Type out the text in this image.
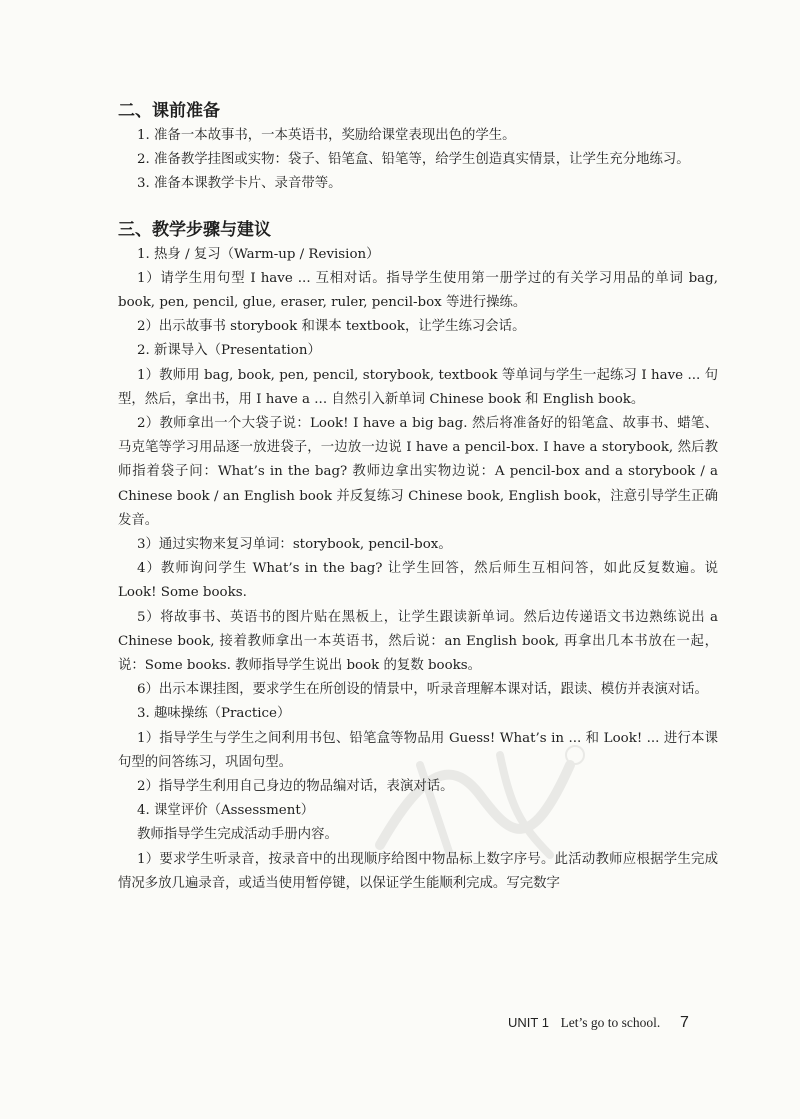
二、课前准备

1. 准备一本故事书，一本英语书，奖励给课堂表现出色的学生。

2. 准备教学挂图或实物：袋子、铅笔盒、铅笔等，给学生创造真实情景，让学生充分地练习。

3. 准备本课教学卡片、录音带等。

三、教学步骤与建议

1. 热身 / 复习（Warm-up / Revision）

1）请学生用句型 I have ... 互相对话。指导学生使用第一册学过的有关学习用品的单词 bag, book, pen, pencil, glue, eraser, ruler, pencil-box 等进行操练。

2）出示故事书 storybook 和课本 textbook，让学生练习会话。

2. 新课导入（Presentation）

1）教师用 bag, book, pen, pencil, storybook, textbook 等单词与学生一起练习 I have ... 句型，然后，拿出书，用 I have a ... 自然引入新单词 Chinese book 和 English book。

2）教师拿出一个大袋子说：Look! I have a big bag. 然后将准备好的铅笔盒、故事书、蜡笔、马克笔等学习用品逐一放进袋子，一边放一边说 I have a pencil-box. I have a storybook, 然后教师指着袋子问：What’s in the bag? 教师边拿出实物边说：A pencil-box and a storybook / a Chinese book / an English book 并反复练习 Chinese book, English book，注意引导学生正确发音。

3）通过实物来复习单词：storybook, pencil-box。

4）教师询问学生 What’s in the bag? 让学生回答，然后师生互相问答，如此反复数遍。说 Look! Some books.

5）将故事书、英语书的图片贴在黑板上，让学生跟读新单词。然后边传递语文书边熟练说出 a Chinese book, 接着教师拿出一本英语书，然后说：an English book, 再拿出几本书放在一起，说：Some books. 教师指导学生说出 book 的复数 books。

6）出示本课挂图，要求学生在所创设的情景中，听录音理解本课对话，跟读、模仿并表演对话。

3. 趣味操练（Practice）

1）指导学生与学生之间利用书包、铅笔盒等物品用 Guess! What’s in ... 和 Look! ... 进行本课句型的问答练习，巩固句型。

2）指导学生利用自己身边的物品编对话，表演对话。

4. 课堂评价（Assessment）

教师指导学生完成活动手册内容。

1）要求学生听录音，按录音中的出现顺序给图中物品标上数字序号。此活动教师应根据学生完成情况多放几遍录音，或适当使用暂停键，以保证学生能顺利完成。写完数字

UNIT 1 Let’s go to school. 7
